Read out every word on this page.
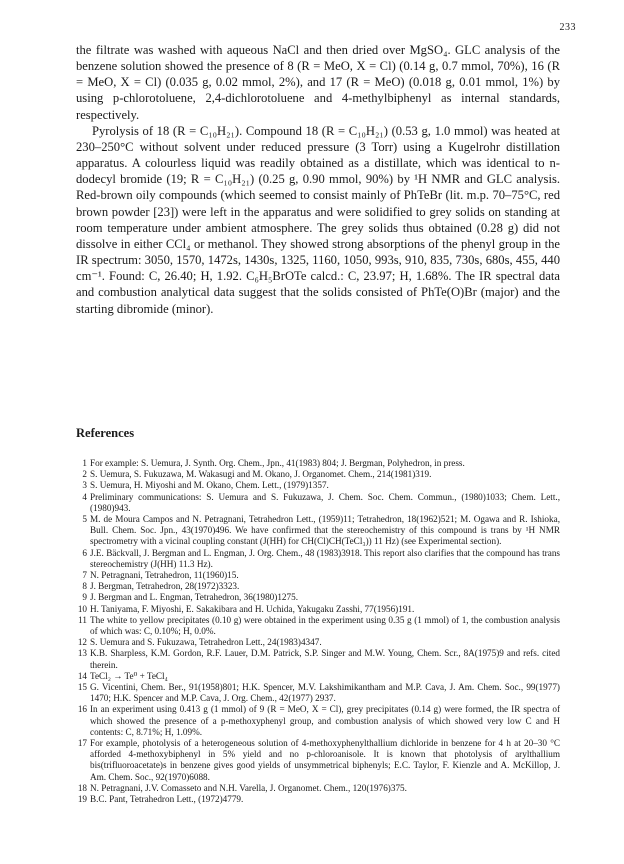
233

the filtrate was washed with aqueous NaCl and then dried over MgSO₄. GLC analysis of the benzene solution showed the presence of 8 (R = MeO, X = Cl) (0.14 g, 0.7 mmol, 70%), 16 (R = MeO, X = Cl) (0.035 g, 0.02 mmol, 2%), and 17 (R = MeO) (0.018 g, 0.01 mmol, 1%) by using p-chlorotoluene, 2,4-dichlorotoluene and 4-methylbiphenyl as internal standards, respectively.

Pyrolysis of 18 (R = C₁₀H₂₁). Compound 18 (R = C₁₀H₂₁) (0.53 g, 1.0 mmol) was heated at 230–250°C without solvent under reduced pressure (3 Torr) using a Kugelrohr distillation apparatus. A colourless liquid was readily obtained as a distillate, which was identical to n-dodecyl bromide (19; R = C₁₀H₂₁) (0.25 g, 0.90 mmol, 90%) by ¹H NMR and GLC analysis. Red-brown oily compounds (which seemed to consist mainly of PhTeBr (lit. m.p. 70–75°C, red brown powder [23]) were left in the apparatus and were solidified to grey solids on standing at room temperature under ambient atmosphere. The grey solids thus obtained (0.28 g) did not dissolve in either CCl₄ or methanol. They showed strong absorptions of the phenyl group in the IR spectrum: 3050, 1570, 1472s, 1430s, 1325, 1160, 1050, 993s, 910, 835, 730s, 680s, 455, 440 cm⁻¹. Found: C, 26.40; H, 1.92. C₆H₅BrOTe calcd.: C, 23.97; H, 1.68%. The IR spectral data and combustion analytical data suggest that the solids consisted of PhTe(O)Br (major) and the starting dibromide (minor).

References
1 For example: S. Uemura, J. Synth. Org. Chem., Jpn., 41(1983) 804; J. Bergman, Polyhedron, in press.
2 S. Uemura, S. Fukuzawa, M. Wakasugi and M. Okano, J. Organomet. Chem., 214(1981)319.
3 S. Uemura, H. Miyoshi and M. Okano, Chem. Lett., (1979)1357.
4 Preliminary communications: S. Uemura and S. Fukuzawa, J. Chem. Soc. Chem. Commun., (1980)1033; Chem. Lett., (1980)943.
5 M. de Moura Campos and N. Petragnani, Tetrahedron Lett., (1959)11; Tetrahedron, 18(1962)521; M. Ogawa and R. Ishioka, Bull. Chem. Soc. Jpn., 43(1970)496. We have confirmed that the stereochemistry of this compound is trans by ¹H NMR spectrometry with a vicinal coupling constant (J(HH) for CH(Cl)CH(TeCl₃)) 11 Hz) (see Experimental section).
6 J.E. Bäckvall, J. Bergman and L. Engman, J. Org. Chem., 48 (1983)3918. This report also clarifies that the compound has trans stereochemistry (J(HH) 11.3 Hz).
7 N. Petragnani, Tetrahedron, 11(1960)15.
8 J. Bergman, Tetrahedron, 28(1972)3323.
9 J. Bergman and L. Engman, Tetrahedron, 36(1980)1275.
10 H. Taniyama, F. Miyoshi, E. Sakakibara and H. Uchida, Yakugaku Zasshi, 77(1956)191.
11 The white to yellow precipitates (0.10 g) were obtained in the experiment using 0.35 g (1 mmol) of 1, the combustion analysis of which was: C, 0.10%; H, 0.0%.
12 S. Uemura and S. Fukuzawa, Tetrahedron Lett., 24(1983)4347.
13 K.B. Sharpless, K.M. Gordon, R.F. Lauer, D.M. Patrick, S.P. Singer and M.W. Young, Chem. Scr., 8A(1975)9 and refs. cited therein.
14 TeCl₂ → Te⁰ + TeCl₄
15 G. Vicentini, Chem. Ber., 91(1958)801; H.K. Spencer, M.V. Lakshimikantham and M.P. Cava, J. Am. Chem. Soc., 99(1977) 1470; H.K. Spencer and M.P. Cava, J. Org. Chem., 42(1977) 2937.
16 In an experiment using 0.413 g (1 mmol) of 9 (R = MeO, X = Cl), grey precipitates (0.14 g) were formed, the IR spectra of which showed the presence of a p-methoxyphenyl group, and combustion analysis of which showed very low C and H contents: C, 8.71%; H, 1.09%.
17 For example, photolysis of a heterogeneous solution of 4-methoxyphenylthallium dichloride in benzene for 4 h at 20–30 °C afforded 4-methoxybiphenyl in 5% yield and no p-chloroanisole. It is known that photolysis of arylthallium bis(trifluoroacetate)s in benzene gives good yields of unsymmetrical biphenyls; E.C. Taylor, F. Kienzle and A. McKillop, J. Am. Chem. Soc., 92(1970)6088.
18 N. Petragnani, J.V. Comasseto and N.H. Varella, J. Organomet. Chem., 120(1976)375.
19 B.C. Pant, Tetrahedron Lett., (1972)4779.
